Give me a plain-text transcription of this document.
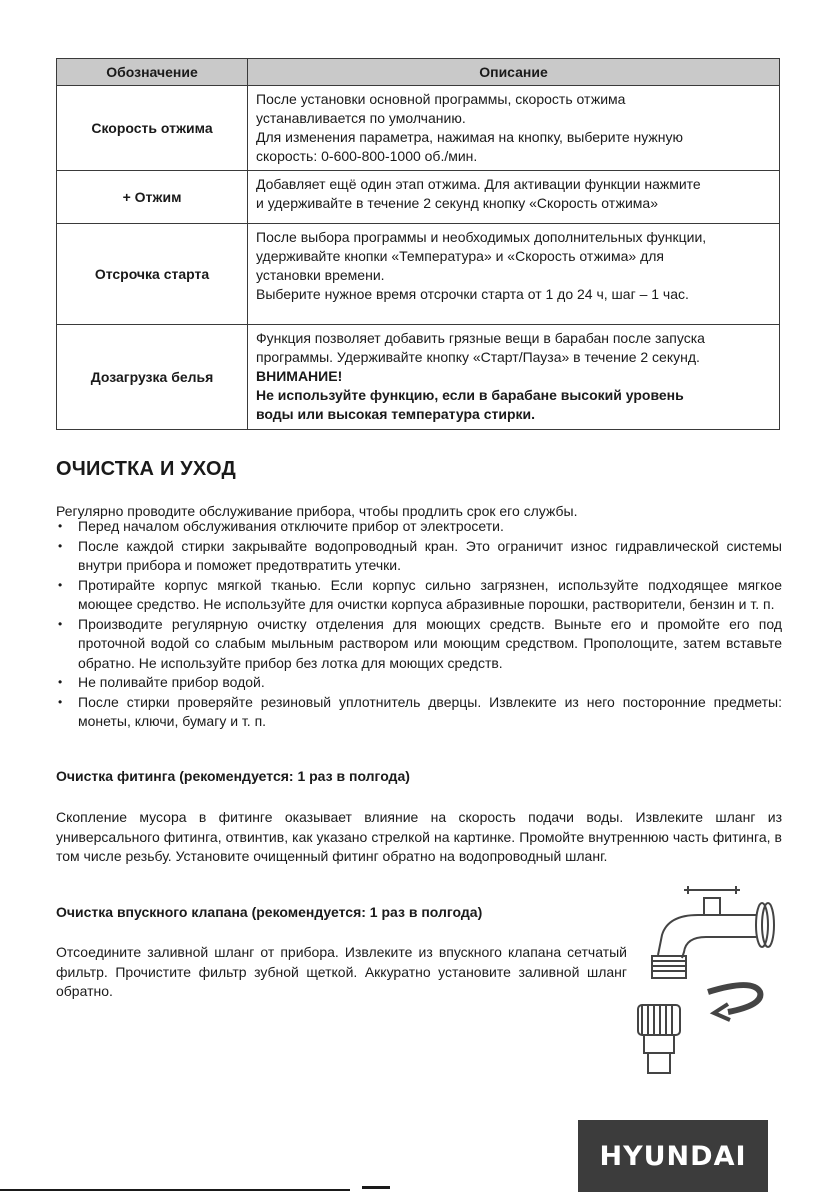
Обозначение	Описание
Скорость отжима	После установки основной программы, скорость отжима

устанавливается по умолчанию.

Для изменения параметра, нажимая на кнопку, выберите нужную

скорость: 0-600-800-1000 об./мин.

+ Отжим	Добавляет ещё один этап отжима. Для активации функции нажмите

и удерживайте в течение 2 секунд кнопку «Скорость отжима»

Отсрочка старта	После выбора программы и необходимых дополнительных функции,

удерживайте кнопки «Температура» и «Скорость отжима» для

установки времени.

Выберите нужное время отсрочки старта от 1 до 24 ч, шаг – 1 час.

Дозагрузка белья	Функция позволяет добавить грязные вещи в барабан после запуска

программы. Удерживайте кнопку «Старт/Пауза» в течение 2 секунд.

ВНИМАНИЕ!

Не используйте функцию, если в барабане высокий уровень

воды или высокая температура стирки.

ОЧИСТКА И УХОД

Регулярно проводите обслуживание прибора, чтобы продлить срок его службы.

• Перед началом обслуживания отключите прибор от электросети.
• После каждой стирки закрывайте водопроводный кран. Это ограничит износ гидравлической системы внутри прибора и поможет предотвратить утечки.
• Протирайте корпус мягкой тканью. Если корпус сильно загрязнен, используйте подходящее мягкое моющее средство. Не используйте для очистки корпуса абразивные порошки, растворители, бензин и т. п.
• Производите регулярную очистку отделения для моющих средств. Выньте его и промойте его под проточной водой со слабым мыльным раствором или моющим средством. Прополощите, затем вставьте обратно. Не используйте прибор без лотка для моющих средств.
• Не поливайте прибор водой.
• После стирки проверяйте резиновый уплотнитель дверцы. Извлеките из него посторонние предметы: монеты, ключи, бумагу и т. п.
Очистка фитинга (рекомендуется: 1 раз в полгода)

Скопление мусора в фитинге оказывает влияние на скорость подачи воды. Извлеките шланг из универсального фитинга, отвинтив, как указано стрелкой на картинке. Промойте внутреннюю часть фитинга, в том числе резьбу. Установите очищенный фитинг обратно на водопроводный шланг.

Очистка впускного клапана (рекомендуется: 1 раз в полгода)

Отсоедините заливной шланг от прибора. Извлеките из впускного клапана сетчатый фильтр. Прочистите фильтр зубной щеткой. Аккуратно установите заливной шланг обратно.

HYUNDAI
